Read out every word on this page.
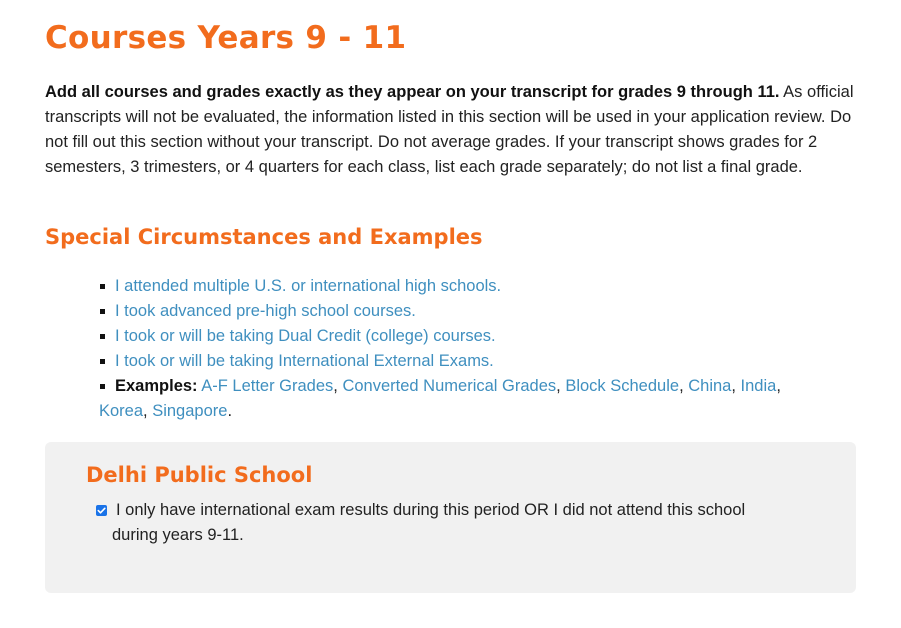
Courses Years 9 - 11

Add all courses and grades exactly as they appear on your transcript for grades 9 through 11. As official transcripts will not be evaluated, the information listed in this section will be used in your application review. Do not fill out this section without your transcript. Do not average grades. If your transcript shows grades for 2 semesters, 3 trimesters, or 4 quarters for each class, list each grade separately; do not list a final grade.

Special Circumstances and Examples
I attended multiple U.S. or international high schools.
I took advanced pre-high school courses.
I took or will be taking Dual Credit (college) courses.
I took or will be taking International External Exams.
Examples: A-F Letter Grades, Converted Numerical Grades, Block Schedule, China, India,
Korea, Singapore.
Delhi Public School
I only have international exam results during this period OR I did not attend this school
during years 9-11.
